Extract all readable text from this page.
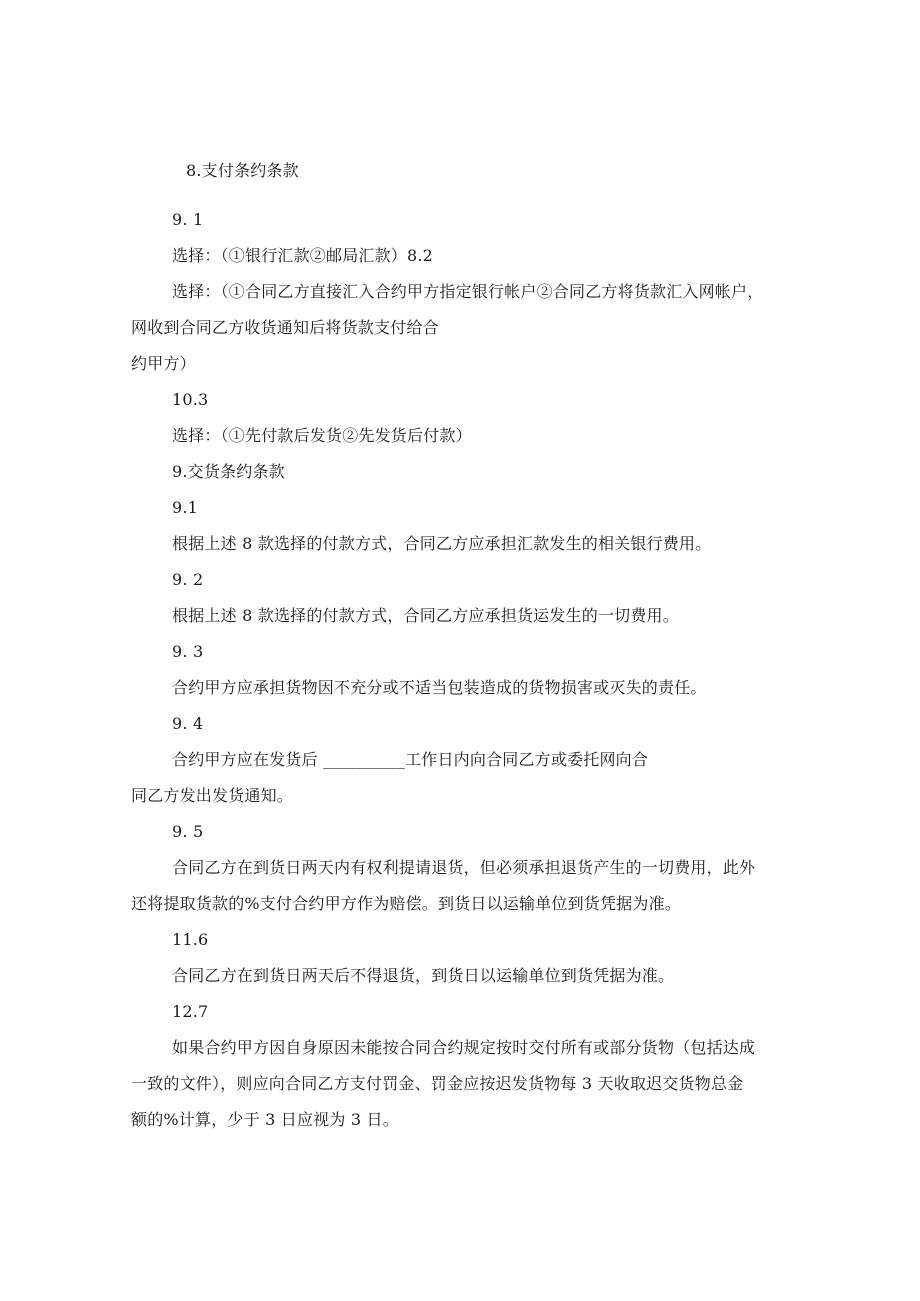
8.支付条约条款
9. 1
选择：（①银行汇款②邮局汇款）8.2
选择：（①合同乙方直接汇入合约甲方指定银行帐户②合同乙方将货款汇入网帐户，
网收到合同乙方收货通知后将货款支付给合
约甲方）
10.3
选择：（①先付款后发货②先发货后付款）
9.交货条约条款
9.1
根据上述 8 款选择的付款方式，合同乙方应承担汇款发生的相关银行费用。
9. 2
根据上述 8 款选择的付款方式，合同乙方应承担货运发生的一切费用。
9. 3
合约甲方应承担货物因不充分或不适当包装造成的货物损害或灭失的责任。
9. 4
合约甲方应在发货后 __________工作日内向合同乙方或委托网向合
同乙方发出发货通知。
9. 5
合同乙方在到货日两天内有权利提请退货，但必须承担退货产生的一切费用，此外
还将提取货款的%支付合约甲方作为赔偿。到货日以运输单位到货凭据为准。
11.6
合同乙方在到货日两天后不得退货，到货日以运输单位到货凭据为准。
12.7
如果合约甲方因自身原因未能按合同合约规定按时交付所有或部分货物（包括达成
一致的文件），则应向合同乙方支付罚金、罚金应按迟发货物每 3 天收取迟交货物总金
额的%计算，少于 3 日应视为 3 日。
